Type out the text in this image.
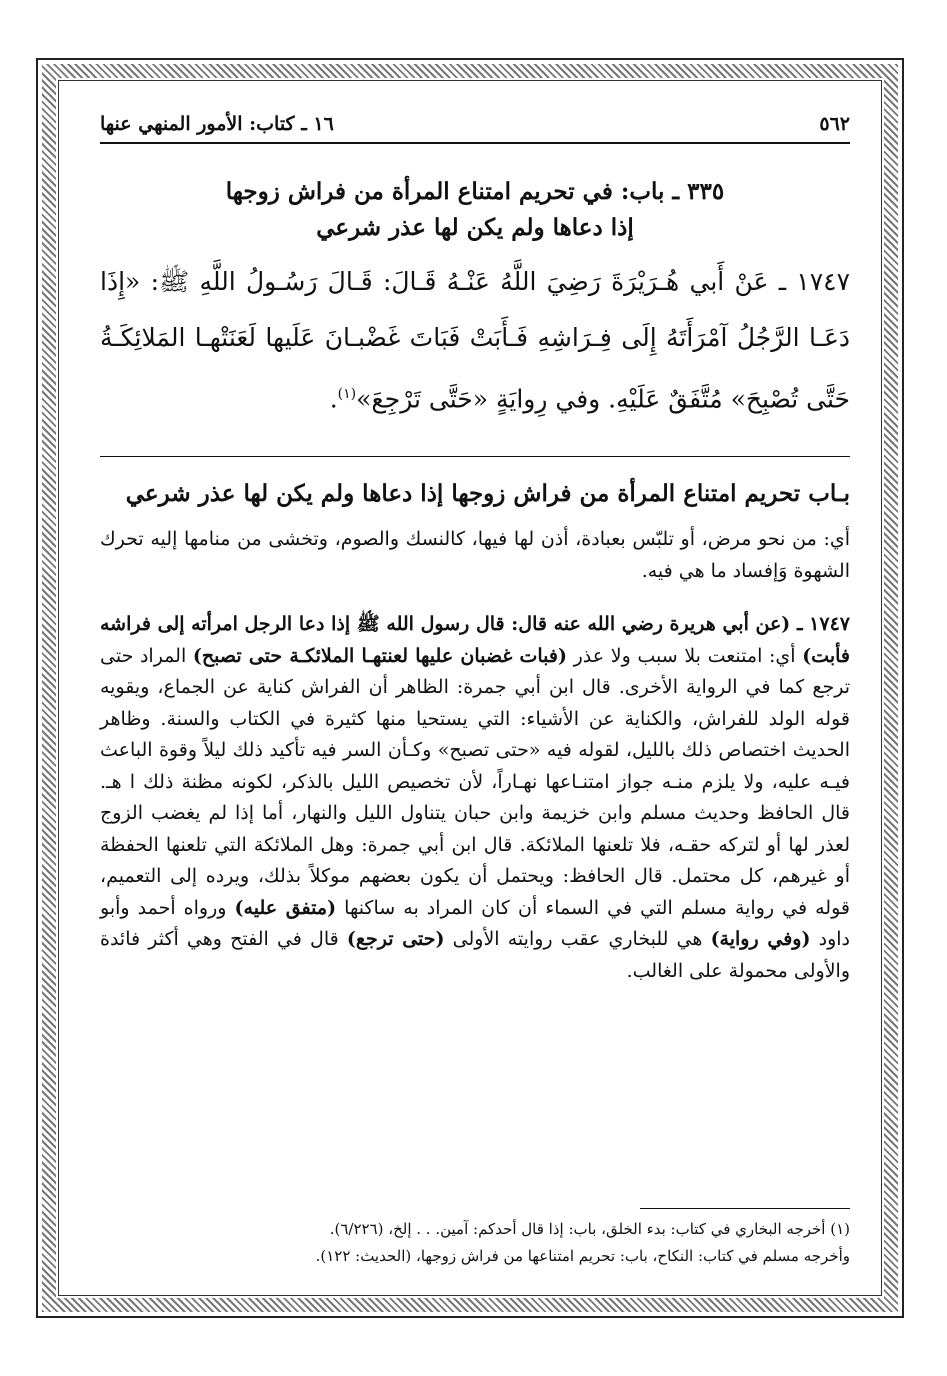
٥٦٢
١٦ ـ كتاب: الأمور المنهي عنها
٣٣٥ ـ باب: في تحريم امتناع المرأة من فراش زوجها
إذا دعاها ولم يكن لها عذر شرعي
١٧٤٧ ـ عَنْ أَبي هُـرَيْرَةَ رَضِيَ اللَّهُ عَنْـهُ قَـالَ: قَـالَ رَسُـولُ اللَّهِ ﷺ: «إِذَا دَعَـا الرَّجُلُ آمْرَأَتَهُ إِلَى فِـرَاشِهِ فَـأَبَتْ فَبَاتَ غَضْبـانَ عَلَيها لَعَنَتْهـا المَلائِكَـةُ حَتَّى تُصْبِحَ» مُتَّفَقٌ عَلَيْهِ. وفي رِوايَةٍ «حَتَّى تَرْجِعَ»$^{(١)}$.
بـاب تحريم امتناع المرأة من فراش زوجها إذا دعاها ولم يكن لها عذر شرعي

أي: من نحو مرض، أو تلبّس بعبادة، أذن لها فيها، كالنسك والصوم، وتخشى من منامها إليه تحرك الشهوة وَإفساد ما هي فيه.

١٧٤٧ ـ (عن أبي هريرة رضي الله عنه قال: قال رسول الله ﷺ إذا دعا الرجل امرأته إلى فراشه فأبت) أي: امتنعت بلا سبب ولا عذر (فبات غضبان عليها لعنتهـا الملائكـة حتى تصبح) المراد حتى ترجع كما في الرواية الأخرى. قال ابن أبي جمرة: الظاهر أن الفراش كناية عن الجماع، ويقويه قوله الولد للفراش، والكناية عن الأشياء: التي يستحيا منها كثيرة في الكتاب والسنة. وظاهر الحديث اختصاص ذلك بالليل، لقوله فيه «حتى تصبح» وكـأن السر فيه تأكيد ذلك ليلاً وقوة الباعث فيـه عليه، ولا يلزم منـه جواز امتنـاعها نهـاراً، لأن تخصيص الليل بالذكر، لكونه مظنة ذلك ا هـ. قال الحافظ وحديث مسلم وابن خزيمة وابن حبان يتناول الليل والنهار، أما إذا لم يغضب الزوج لعذر لها أو لتركه حقـه، فلا تلعنها الملائكة. قال ابن أبي جمرة: وهل الملائكة التي تلعنها الحفظة أو غيرهم، كل محتمل. قال الحافظ: ويحتمل أن يكون بعضهم موكلاً بذلك، ويرده إلى التعميم، قوله في رواية مسلم التي في السماء أن كان المراد به ساكنها (متفق عليه) ورواه أحمد وأبو داود (وفي رواية) هي للبخاري عقب روايته الأولى (حتى ترجع) قال في الفتح وهي أكثر فائدة والأولى محمولة على الغالب.

(١) أخرجه البخاري في كتاب: بدء الخلق، باب: إذا قال أحدكم: آمين. . . إلخ، (٦/٢٢٦).

وأخرجه مسلم في كتاب: النكاح، باب: تحريم امتناعها من فراش زوجها، (الحديث: ١٢٢).
